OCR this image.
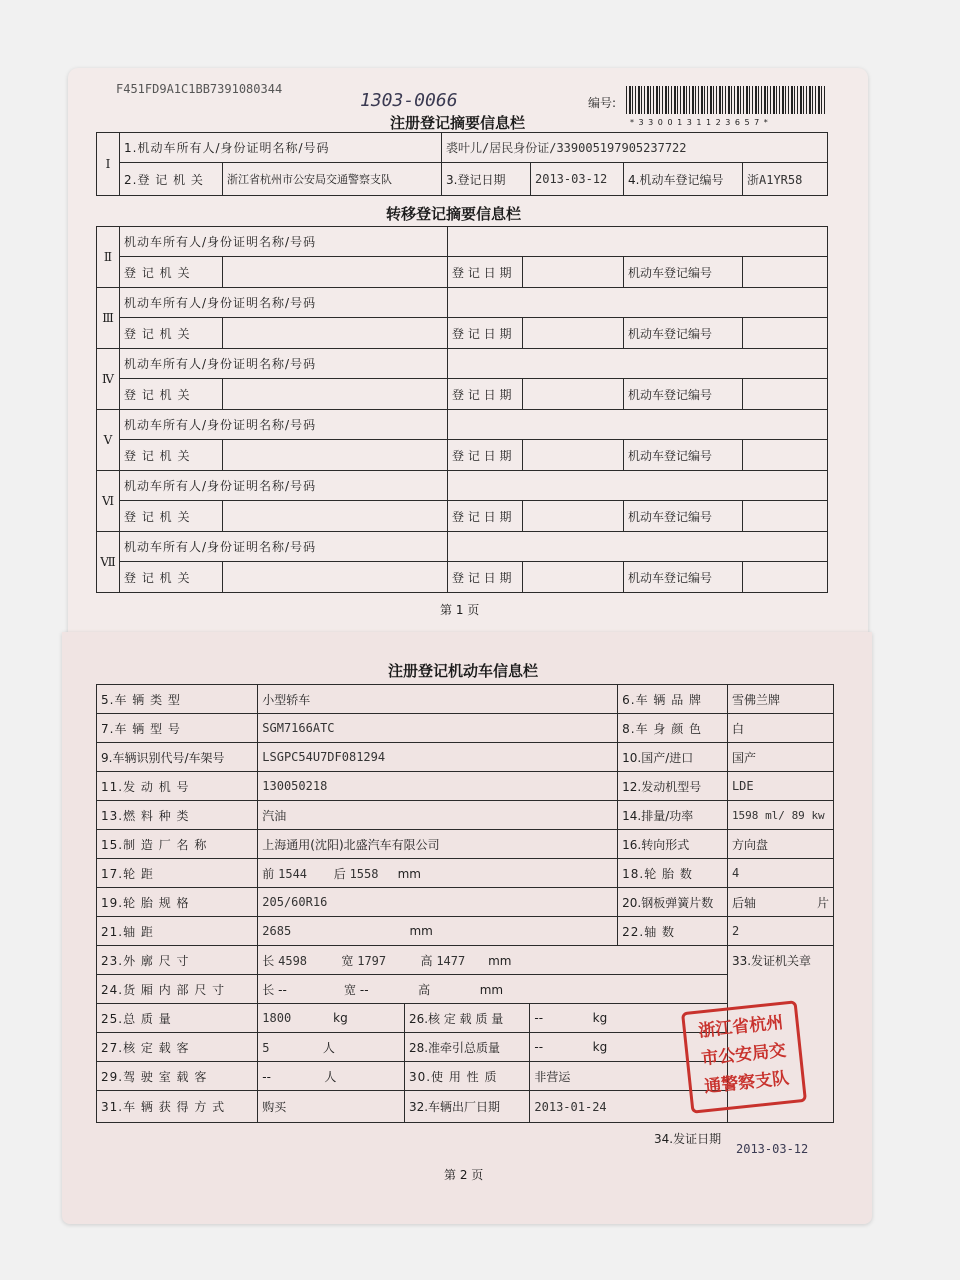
F451FD9A1C1BB7391080344
1303-0066	编号:
* 3 3 0 0 1 3 1 1 2 3 6 5 7 *
注册登记摘要信息栏
Ⅰ	1.机动车所有人/身份证明名称/号码		裘叶儿/居民身份证/339005197905237722			
	2.登 记 机 关	浙江省杭州市公安局交通警察支队	3.登记日期	2013-03-12	4.机动车登记编号	浙A1YR58
转移登记摘要信息栏
Ⅱ	机动车所有人/身份证明名称/号码					
	登 记 机 关		登 记 日 期		机动车登记编号	
Ⅲ	机动车所有人/身份证明名称/号码					
	登 记 机 关		登 记 日 期		机动车登记编号	
Ⅳ	机动车所有人/身份证明名称/号码					
	登 记 机 关		登 记 日 期		机动车登记编号	
Ⅴ	机动车所有人/身份证明名称/号码					
	登 记 机 关		登 记 日 期		机动车登记编号	
Ⅵ	机动车所有人/身份证明名称/号码					
	登 记 机 关		登 记 日 期		机动车登记编号	
Ⅶ	机动车所有人/身份证明名称/号码					
	登 记 机 关		登 记 日 期		机动车登记编号	
第 1 页
注册登记机动车信息栏
5.车 辆 类 型	小型轿车			6.车 辆 品 牌	雪佛兰牌
7.车 辆 型 号	SGM7166ATC			8.车 身 颜 色	白
9.车辆识别代号/车架号	LSGPC54U7DF081294			10.国产/进口	国产
11.发 动 机 号	130050218			12.发动机型号	LDE
13.燃 料 种 类	汽油			14.排量/功率	1598 ml/ 89 kw
15.制 造 厂 名 称	上海通用(沈阳)北盛汽车有限公司			16.转向形式	方向盘
17.轮 距	前 1544 后 1558 mm			18.轮 胎 数	4
19.轮 胎 规 格	205/60R16			20.钢板弹簧片数	后轴 片
21.轴 距	2685 mm			22.轴 数	2
23.外 廓 尺 寸	长 4598 宽 1797 高 1477 mm				33.发证机关章
24.货 厢 内 部 尺 寸	长 -- 宽 -- 高 mm				
25.总 质 量	1800 kg	26.核 定 载 质 量	-- kg		
27.核 定 载 客	5 人	28.准牵引总质量	-- kg		
29.驾 驶 室 载 客	-- 人	30.使 用 性 质	非营运		
31.车 辆 获 得 方 式	购买	32.车辆出厂日期	2013-01-24		
34.发证日期
2013-03-12
浙江省杭州市公安局交通警察支队
第 2 页
